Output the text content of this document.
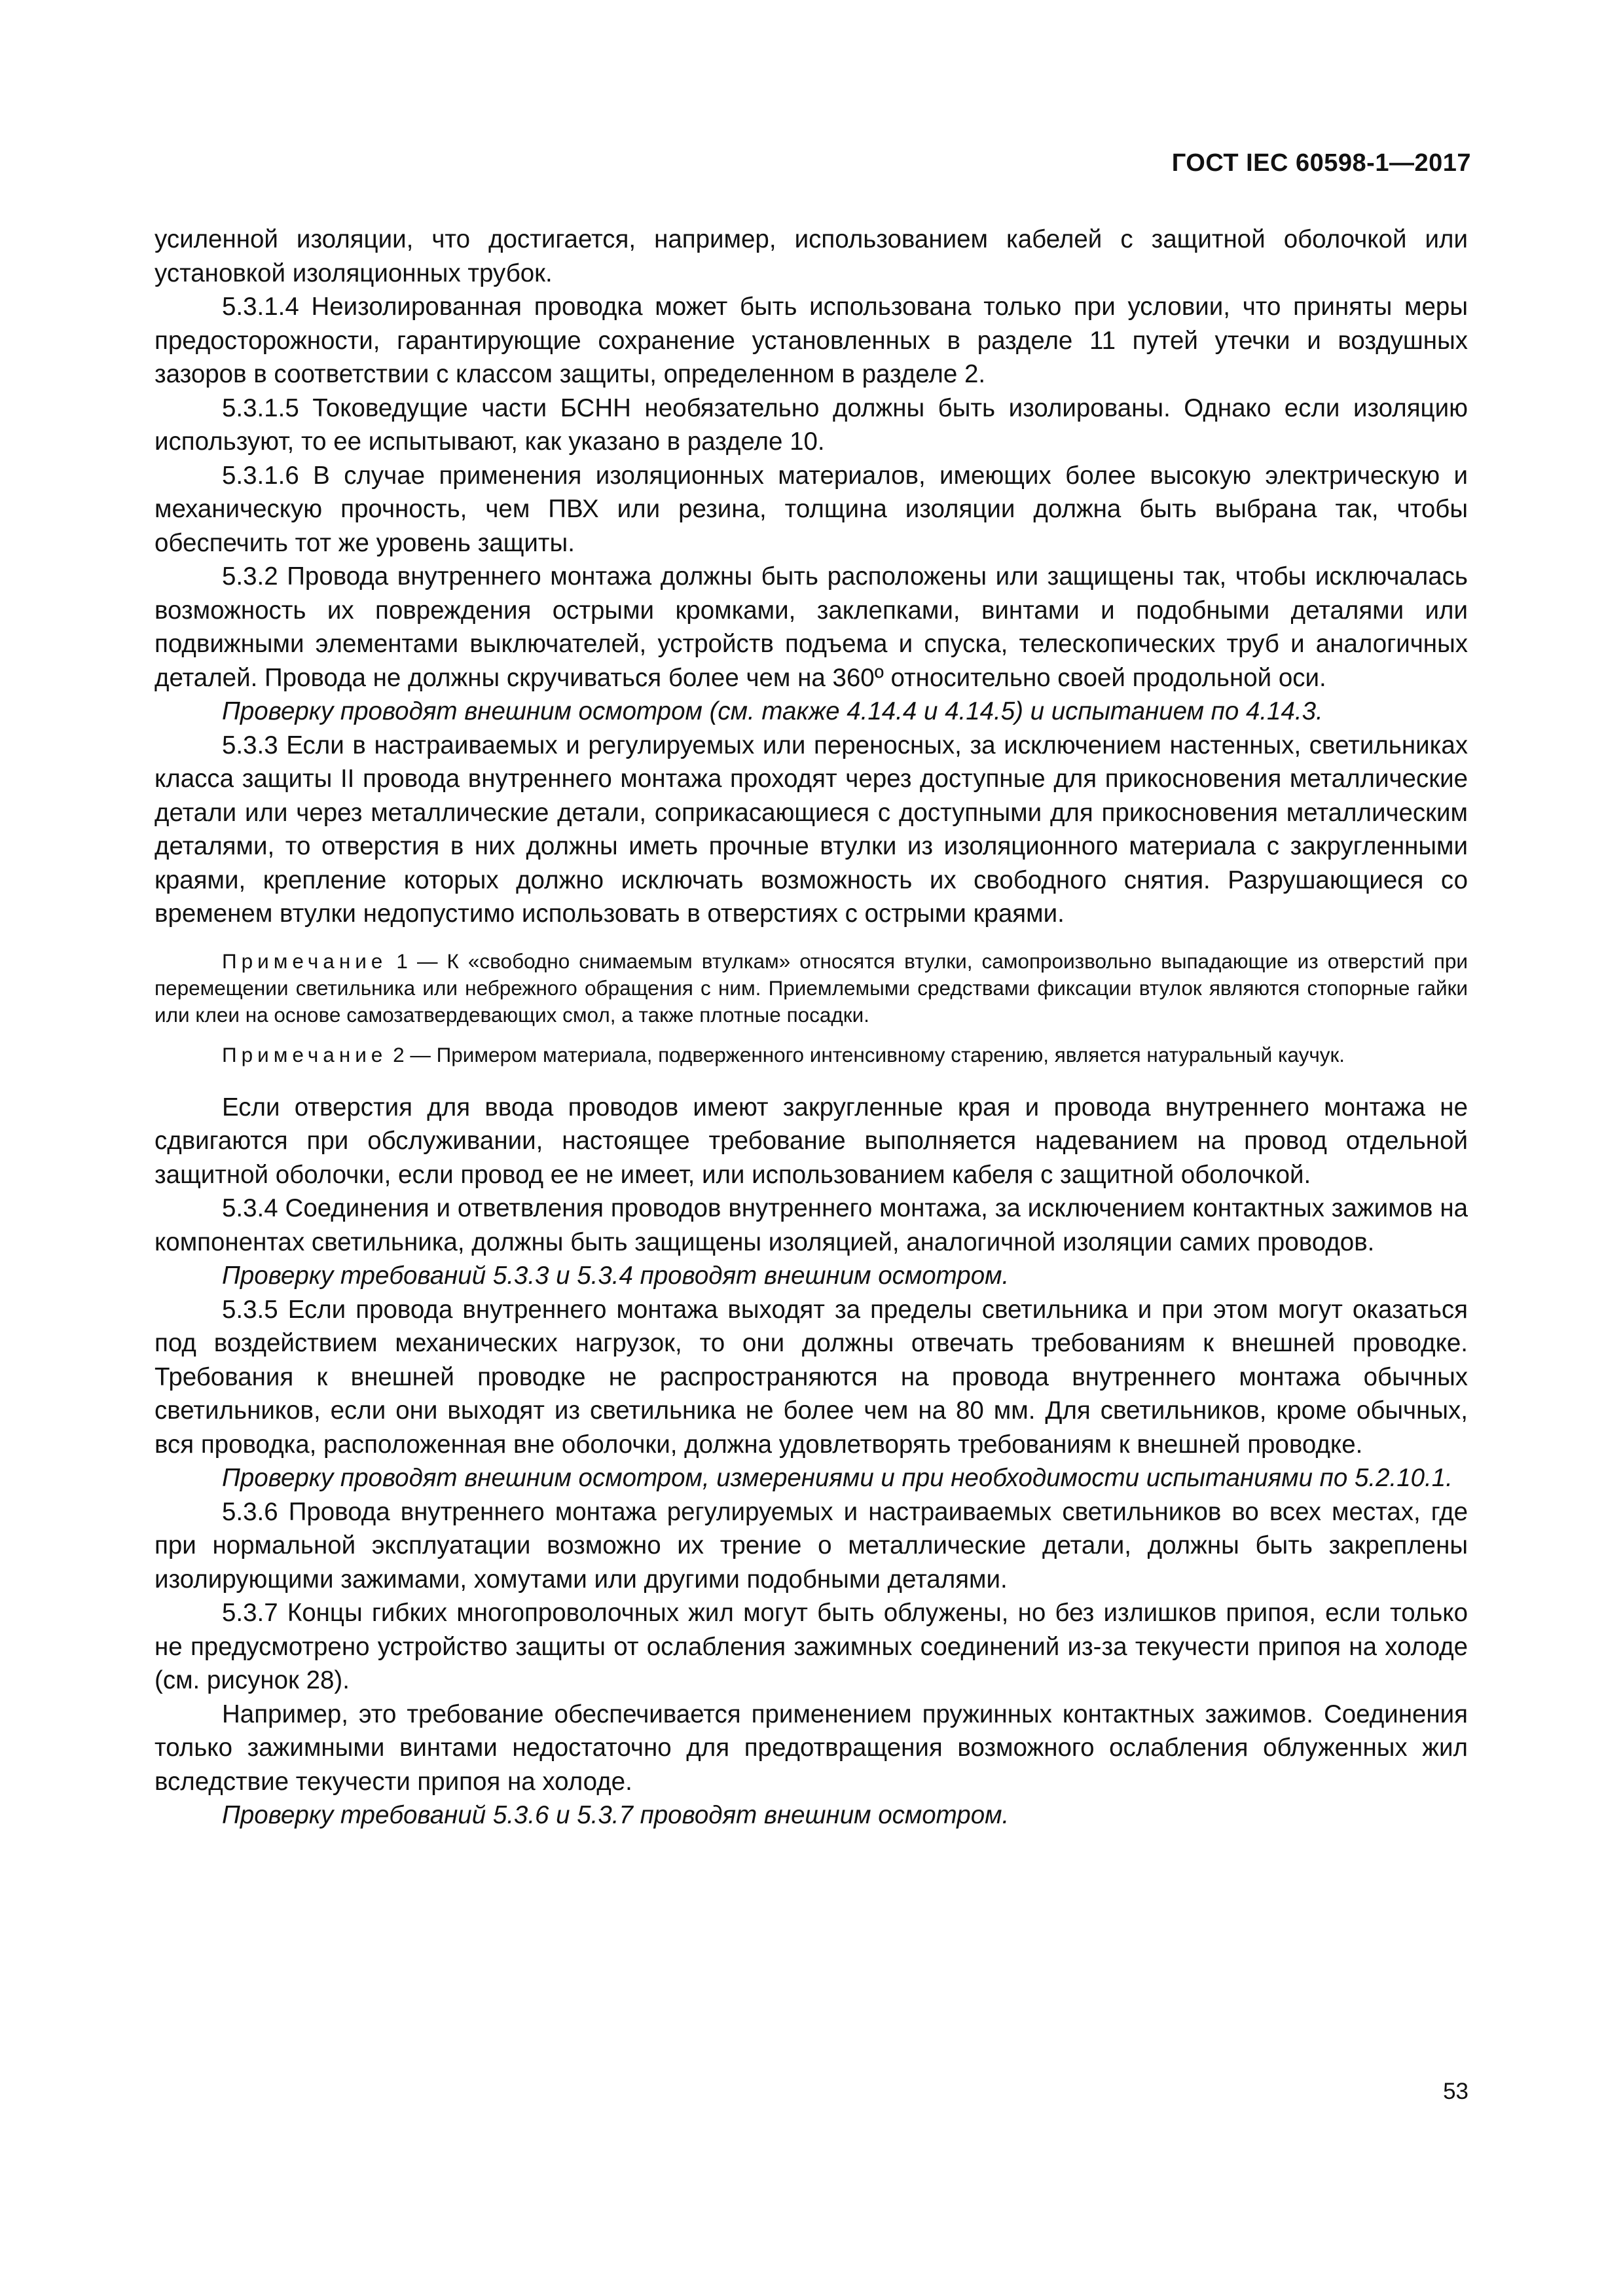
ГОСТ IEC 60598-1—2017

усиленной изоляции, что достигается, например, использованием кабелей с защитной оболочкой или установкой изоляционных трубок.

5.3.1.4 Неизолированная проводка может быть использована только при условии, что приняты меры предосторожности, гарантирующие сохранение установленных в разделе 11 путей утечки и воздушных зазоров в соответствии с классом защиты, определенном в разделе 2.

5.3.1.5 Токоведущие части БСНН необязательно должны быть изолированы. Однако если изоляцию используют, то ее испытывают, как указано в разделе 10.

5.3.1.6 В случае применения изоляционных материалов, имеющих более высокую электрическую и механическую прочность, чем ПВХ или резина, толщина изоляции должна быть выбрана так, чтобы обеспечить тот же уровень защиты.

5.3.2 Провода внутреннего монтажа должны быть расположены или защищены так, чтобы исключалась возможность их повреждения острыми кромками, заклепками, винтами и подобными деталями или подвижными элементами выключателей, устройств подъема и спуска, телескопических труб и аналогичных деталей. Провода не должны скручиваться более чем на 360º относительно своей продольной оси.

Проверку проводят внешним осмотром (см. также 4.14.4 и 4.14.5) и испытанием по 4.14.3.

5.3.3 Если в настраиваемых и регулируемых или переносных, за исключением настенных, светильниках класса защиты II провода внутреннего монтажа проходят через доступные для прикосновения металлические детали или через металлические детали, соприкасающиеся с доступными для прикосновения металлическим деталями, то отверстия в них должны иметь прочные втулки из изоляционного материала с закругленными краями, крепление которых должно исключать возможность их свободного снятия. Разрушающиеся со временем втулки недопустимо использовать в отверстиях с острыми краями.

Примечание 1 — К «свободно снимаемым втулкам» относятся втулки, самопроизвольно выпадающие из отверстий при перемещении светильника или небрежного обращения с ним. Приемлемыми средствами фиксации втулок являются стопорные гайки или клеи на основе самозатвердевающих смол, а также плотные посадки.

Примечание 2 — Примером материала, подверженного интенсивному старению, является натуральный каучук.

Если отверстия для ввода проводов имеют закругленные края и провода внутреннего монтажа не сдвигаются при обслуживании, настоящее требование выполняется надеванием на провод отдельной защитной оболочки, если провод ее не имеет, или использованием кабеля с защитной оболочкой.

5.3.4 Соединения и ответвления проводов внутреннего монтажа, за исключением контактных зажимов на компонентах светильника, должны быть защищены изоляцией, аналогичной изоляции самих проводов.

Проверку требований 5.3.3 и 5.3.4 проводят внешним осмотром.

5.3.5 Если провода внутреннего монтажа выходят за пределы светильника и при этом могут оказаться под воздействием механических нагрузок, то они должны отвечать требованиям к внешней проводке. Требования к внешней проводке не распространяются на провода внутреннего монтажа обычных светильников, если они выходят из светильника не более чем на 80 мм. Для светильников, кроме обычных, вся проводка, расположенная вне оболочки, должна удовлетворять требованиям к внешней проводке.

Проверку проводят внешним осмотром, измерениями и при необходимости испытаниями по 5.2.10.1.

5.3.6 Провода внутреннего монтажа регулируемых и настраиваемых светильников во всех местах, где при нормальной эксплуатации возможно их трение о металлические детали, должны быть закреплены изолирующими зажимами, хомутами или другими подобными деталями.

5.3.7 Концы гибких многопроволочных жил могут быть облужены, но без излишков припоя, если только не предусмотрено устройство защиты от ослабления зажимных соединений из-за текучести припоя на холоде (см. рисунок 28).

Например, это требование обеспечивается применением пружинных контактных зажимов. Соединения только зажимными винтами недостаточно для предотвращения возможного ослабления облуженных жил вследствие текучести припоя на холоде.

Проверку требований 5.3.6 и 5.3.7 проводят внешним осмотром.

53
